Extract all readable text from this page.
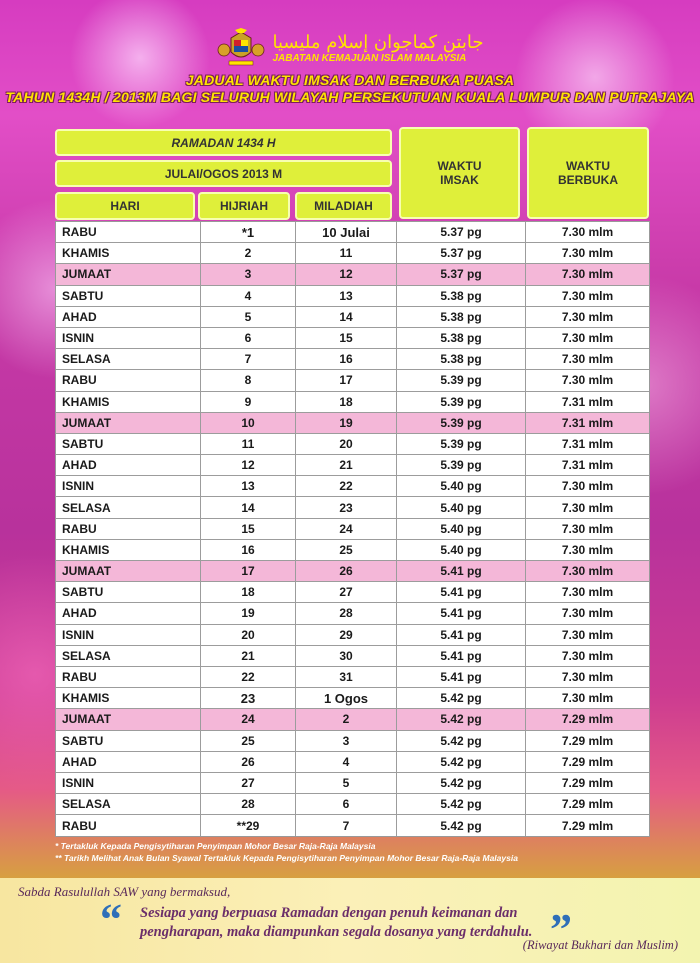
جابتن كماجوان إسلام مليسيا
JABATAN KEMAJUAN ISLAM MALAYSIA
JADUAL WAKTU IMSAK DAN BERBUKA PUASA
TAHUN 1434H / 2013M BAGI SELURUH WILAYAH PERSEKUTUAN KUALA LUMPUR DAN PUTRAJAYA
RAMADAN 1434 H
JULAI/OGOS 2013 M
HARI	HIJRIAH	MILADIAH
WAKTU IMSAK
WAKTU BERBUKA
RABU	*1	10 Julai	5.37 pg	7.30 mlm
KHAMIS	2	11	5.37 pg	7.30 mlm
JUMAAT	3	12	5.37 pg	7.30 mlm
SABTU	4	13	5.38 pg	7.30 mlm
AHAD	5	14	5.38 pg	7.30 mlm
ISNIN	6	15	5.38 pg	7.30 mlm
SELASA	7	16	5.38 pg	7.30 mlm
RABU	8	17	5.39 pg	7.30 mlm
KHAMIS	9	18	5.39 pg	7.31 mlm
JUMAAT	10	19	5.39 pg	7.31 mlm
SABTU	11	20	5.39 pg	7.31 mlm
AHAD	12	21	5.39 pg	7.31 mlm
ISNIN	13	22	5.40 pg	7.30 mlm
SELASA	14	23	5.40 pg	7.30 mlm
RABU	15	24	5.40 pg	7.30 mlm
KHAMIS	16	25	5.40 pg	7.30 mlm
JUMAAT	17	26	5.41 pg	7.30 mlm
SABTU	18	27	5.41 pg	7.30 mlm
AHAD	19	28	5.41 pg	7.30 mlm
ISNIN	20	29	5.41 pg	7.30 mlm
SELASA	21	30	5.41 pg	7.30 mlm
RABU	22	31	5.41 pg	7.30 mlm
KHAMIS	23	1 Ogos	5.42 pg	7.30 mlm
JUMAAT	24	2	5.42 pg	7.29 mlm
SABTU	25	3	5.42 pg	7.29 mlm
AHAD	26	4	5.42 pg	7.29 mlm
ISNIN	27	5	5.42 pg	7.29 mlm
SELASA	28	6	5.42 pg	7.29 mlm
RABU	**29	7	5.42 pg	7.29 mlm
* Tertakluk Kepada Pengisytiharan Penyimpan Mohor Besar Raja-Raja Malaysia
** Tarikh Melihat Anak Bulan Syawal Tertakluk Kepada Pengisytiharan Penyimpan Mohor Besar Raja-Raja Malaysia
Sabda Rasulullah SAW yang bermaksud,
“ Sesiapa yang berpuasa Ramadan dengan penuh keimanan dan pengharapan, maka diampunkan segala dosanya yang terdahulu. ”
(Riwayat Bukhari dan Muslim)
